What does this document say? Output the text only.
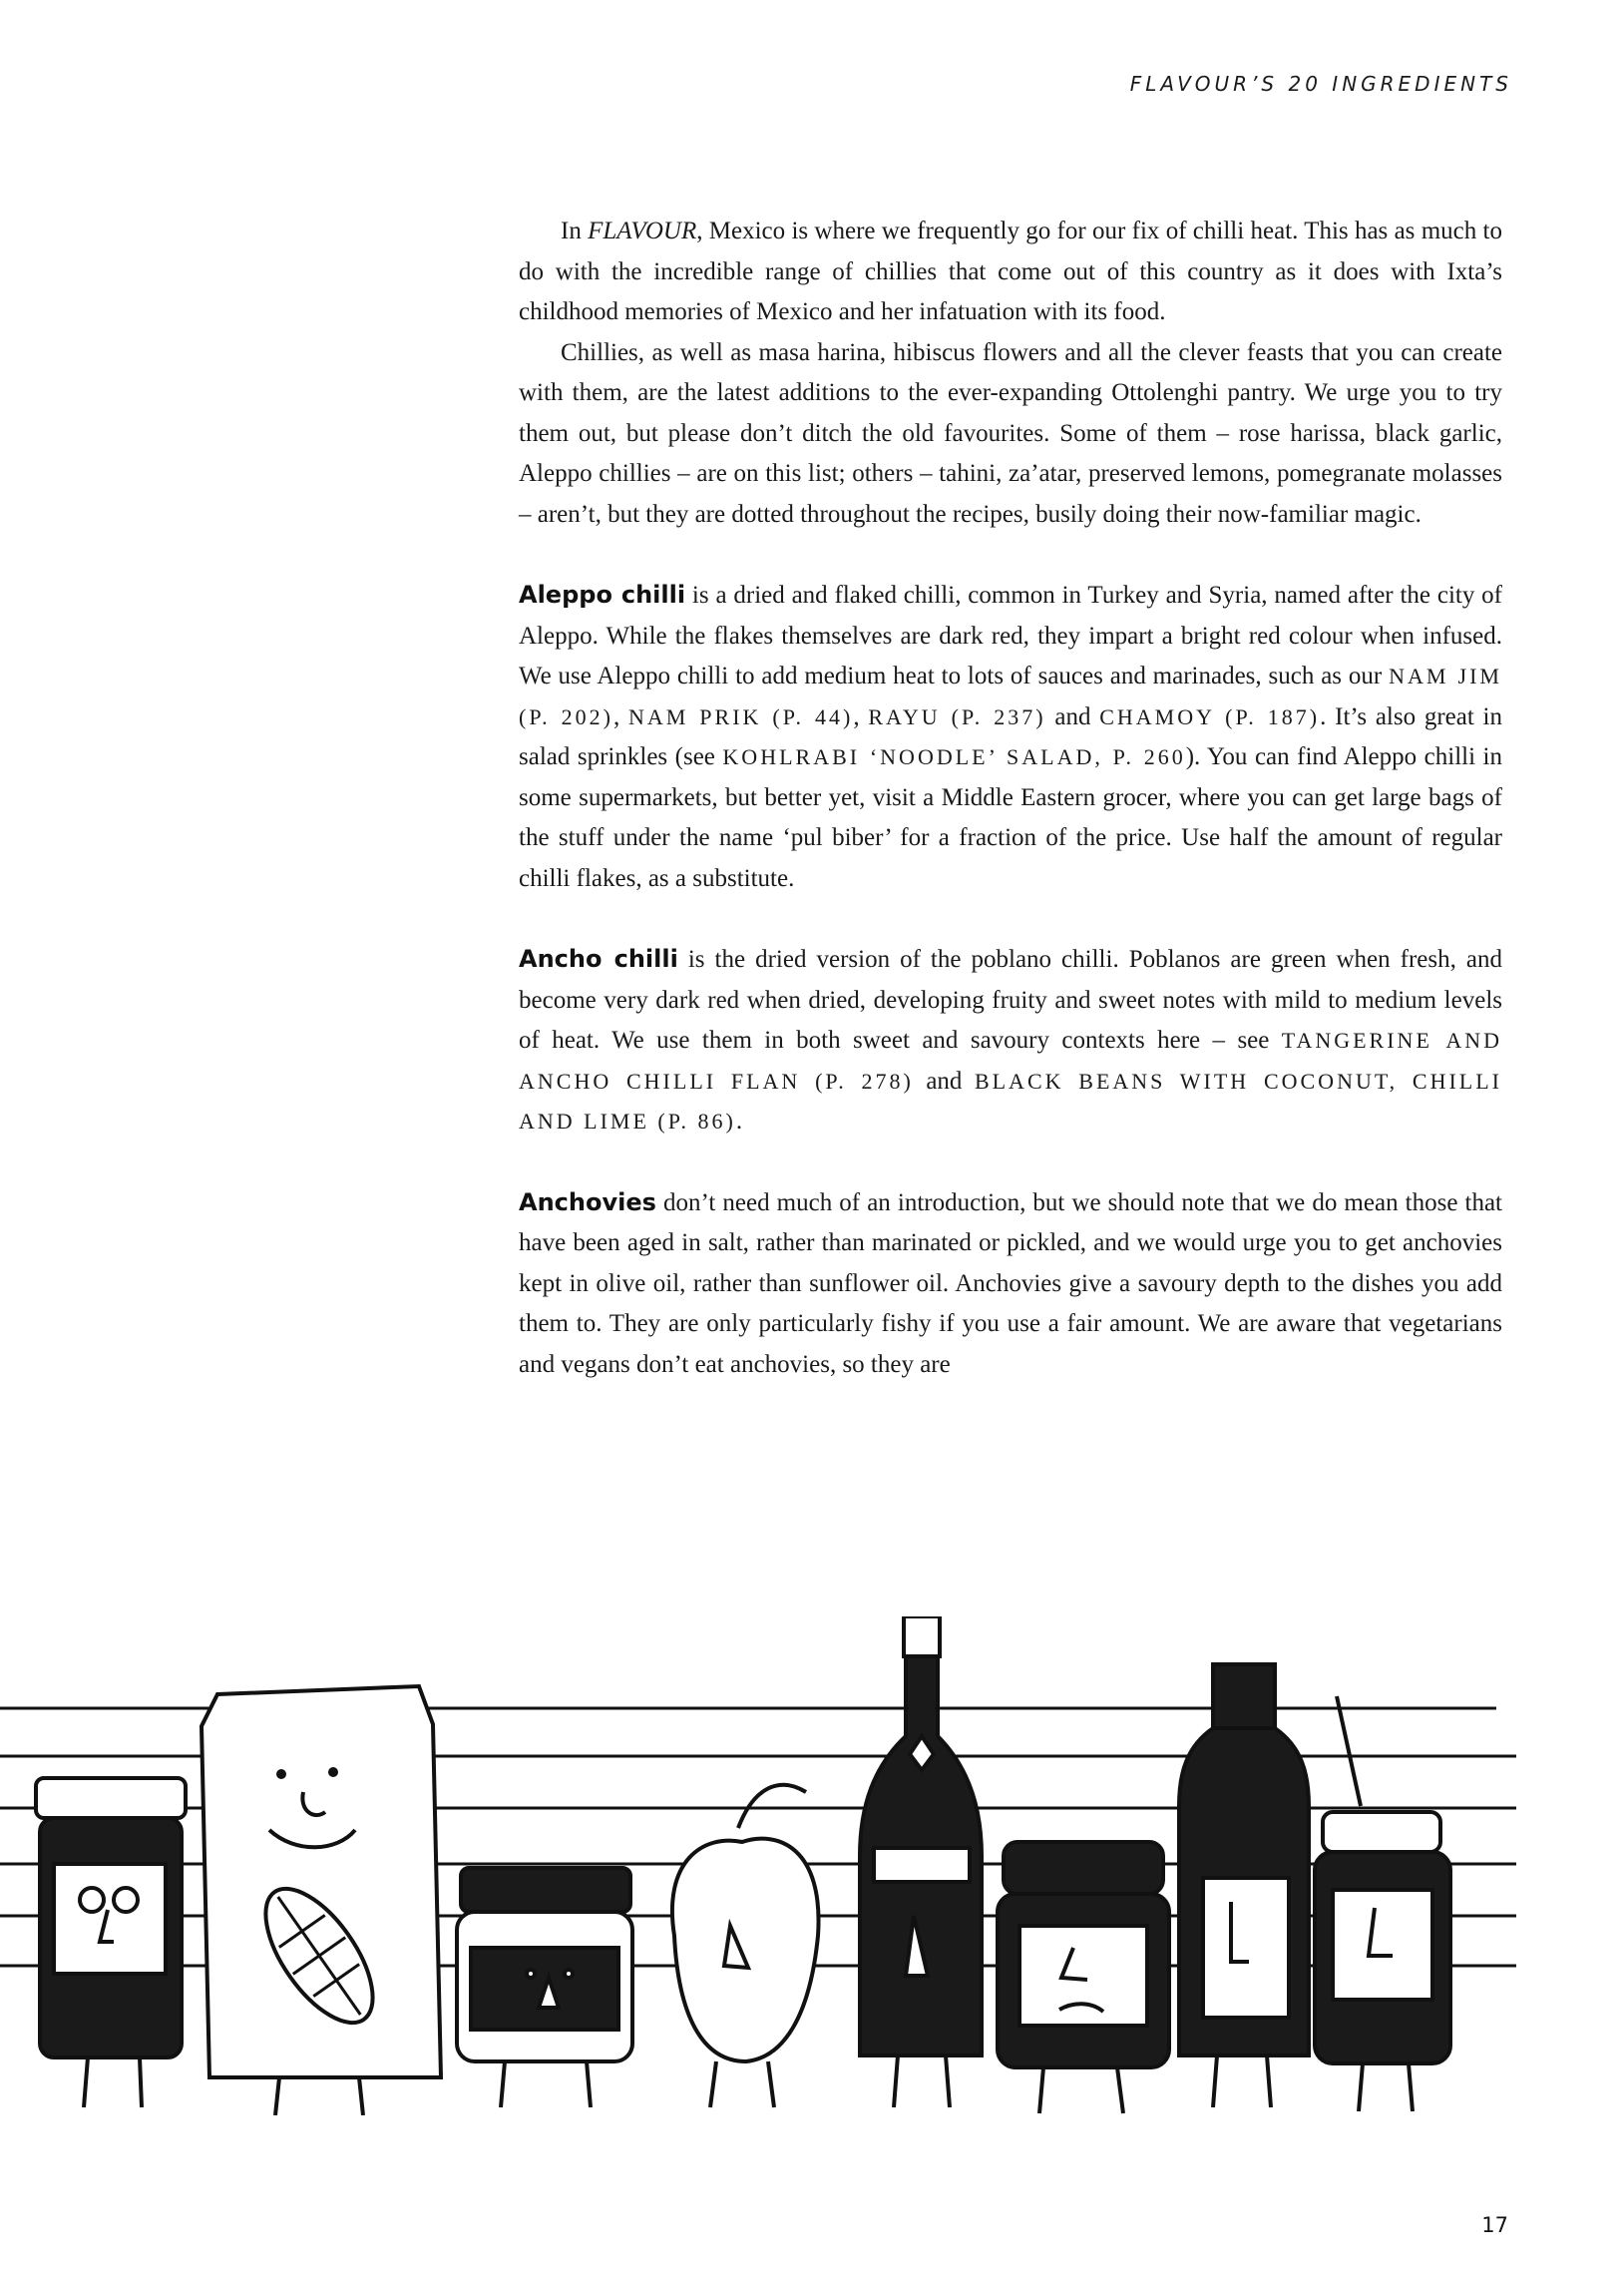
FLAVOUR’S 20 INGREDIENTS

In FLAVOUR, Mexico is where we frequently go for our fix of chilli heat. This has as much to do with the incredible range of chillies that come out of this country as it does with Ixta’s childhood memories of Mexico and her infatuation with its food.

Chillies, as well as masa harina, hibiscus flowers and all the clever feasts that you can create with them, are the latest additions to the ever-expanding Ottolenghi pantry. We urge you to try them out, but please don’t ditch the old favourites. Some of them – rose harissa, black garlic, Aleppo chillies – are on this list; others – tahini, za’atar, preserved lemons, pomegranate molasses – aren’t, but they are dotted throughout the recipes, busily doing their now-familiar magic.

Aleppo chilli is a dried and flaked chilli, common in Turkey and Syria, named after the city of Aleppo. While the flakes themselves are dark red, they impart a bright red colour when infused. We use Aleppo chilli to add medium heat to lots of sauces and marinades, such as our NAM JIM (P. 202), NAM PRIK (P. 44), RAYU (P. 237) and CHAMOY (P. 187). It’s also great in salad sprinkles (see KOHLRABI ‘NOODLE’ SALAD, P. 260). You can find Aleppo chilli in some supermarkets, but better yet, visit a Middle Eastern grocer, where you can get large bags of the stuff under the name ‘pul biber’ for a fraction of the price. Use half the amount of regular chilli flakes, as a substitute.

Ancho chilli is the dried version of the poblano chilli. Poblanos are green when fresh, and become very dark red when dried, developing fruity and sweet notes with mild to medium levels of heat. We use them in both sweet and savoury contexts here – see TANGERINE AND ANCHO CHILLI FLAN (P. 278) and BLACK BEANS WITH COCONUT, CHILLI AND LIME (P. 86).

Anchovies don’t need much of an introduction, but we should note that we do mean those that have been aged in salt, rather than marinated or pickled, and we would urge you to get anchovies kept in olive oil, rather than sunflower oil. Anchovies give a savoury depth to the dishes you add them to. They are only particularly fishy if you use a fair amount. We are aware that vegetarians and vegans don’t eat anchovies, so they are

17
